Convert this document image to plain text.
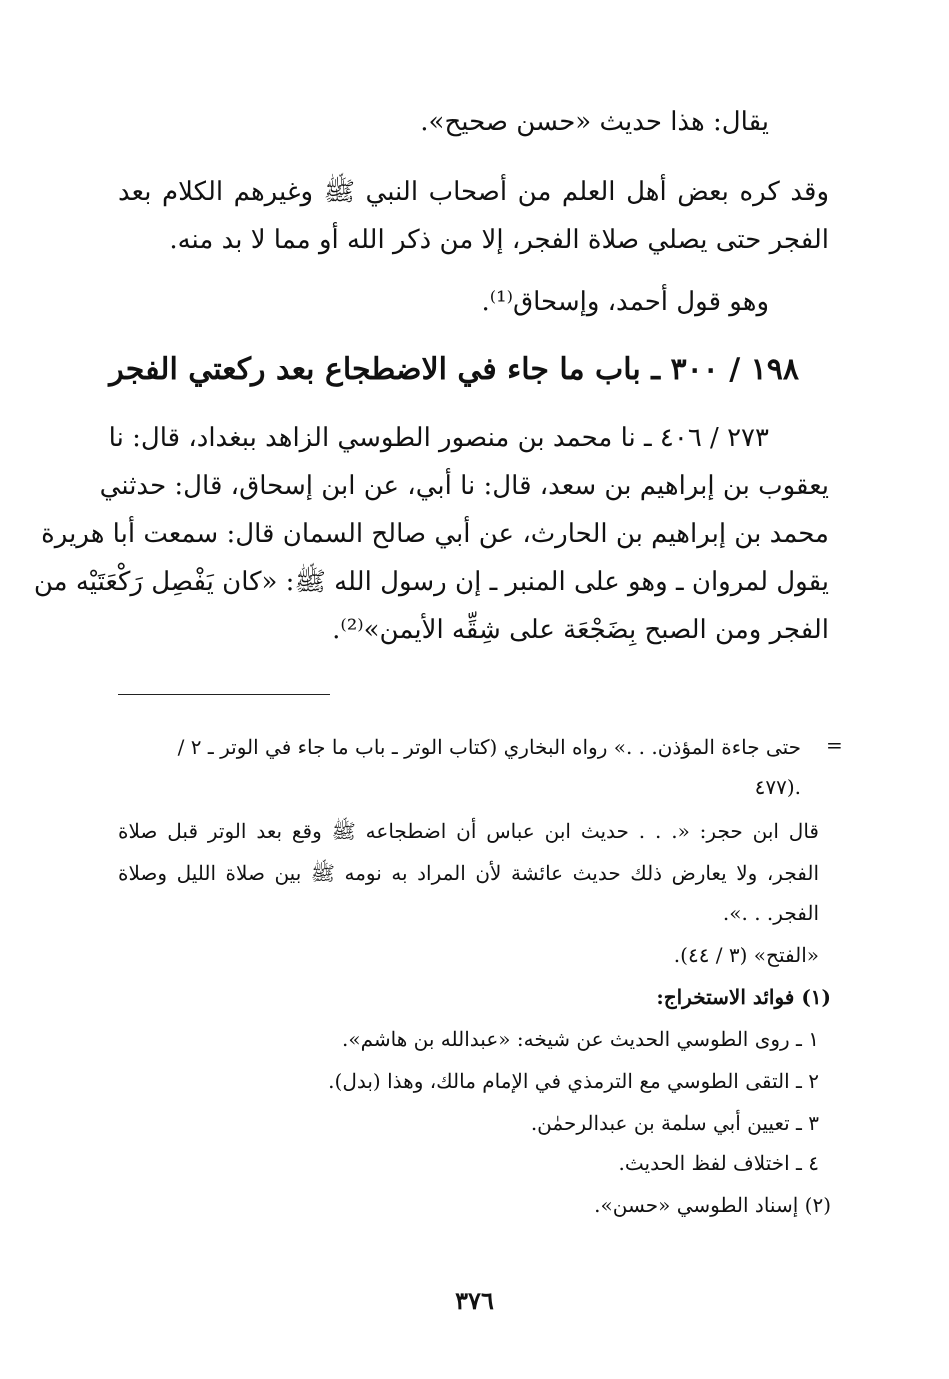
يقال: هذا حديث «حسن صحيح».
وقد كره بعض أهل العلم من أصحاب النبي ﷺ وغيرهم الكلام بعد
الفجر حتى يصلي صلاة الفجر، إلا من ذكر الله أو مما لا بد منه.
وهو قول أحمد، وإسحاق⁽¹⁾.
١٩٨ / ٣٠٠ ـ باب ما جاء في الاضطجاع بعد ركعتي الفجر
٢٧٣ / ٤٠٦ ـ نا محمد بن منصور الطوسي الزاهد ببغداد، قال: نا
يعقوب بن إبراهيم بن سعد، قال: نا أبي، عن ابن إسحاق، قال: حدثني
محمد بن إبراهيم بن الحارث، عن أبي صالح السمان قال: سمعت أبا هريرة
يقول لمروان ـ وهو على المنبر ـ إن رسول الله ﷺ: «كان يَفْصِل رَكْعَتَيْه من
الفجر ومن الصبح بِضَجْعَة على شِقِّه الأيمن»⁽²⁾.
=
حتى جاءة المؤذن. . .» رواه البخاري (كتاب الوتر ـ باب ما جاء في الوتر ـ ٢ /
٤٧٧).
قال ابن حجر: «. . . حديث ابن عباس أن اضطجاعه ﷺ وقع بعد الوتر قبل صلاة
الفجر، ولا يعارض ذلك حديث عائشة لأن المراد به نومه ﷺ بين صلاة الليل وصلاة
الفجر. . .».
«الفتح» (٣ / ٤٤).
(١) فوائد الاستخراج:
١ ـ روى الطوسي الحديث عن شيخه: «عبدالله بن هاشم».
٢ ـ التقى الطوسي مع الترمذي في الإمام مالك، وهذا (بدل).
٣ ـ تعيين أبي سلمة بن عبدالرحمٰن.
٤ ـ اختلاف لفظ الحديث.
(٢) إسناد الطوسي «حسن».
٣٧٦
